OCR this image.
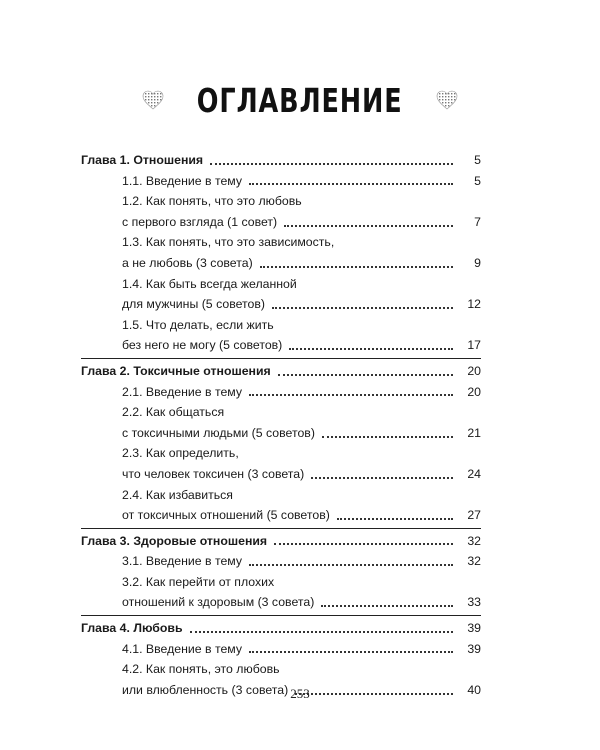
ОГЛАВЛЕНИЕ
Глава 1. Отношения	5
1.1. Введение в тему	5
1.2. Как понять, что это любовь
с первого взгляда (1 совет)	7
1.3. Как понять, что это зависимость,
а не любовь (3 совета)	9
1.4. Как быть всегда желанной
для мужчины (5 советов)	12
1.5. Что делать, если жить
без него не могу (5 советов)	17
Глава 2. Токсичные отношения	20
2.1. Введение в тему	20
2.2. Как общаться
с токсичными людьми (5 советов)	21
2.3. Как определить,
что человек токсичен (3 совета)	24
2.4. Как избавиться
от токсичных отношений (5 советов)	27
Глава 3. Здоровые отношения	32
3.1. Введение в тему	32
3.2. Как перейти от плохих
отношений к здоровым (3 совета)	33
Глава 4. Любовь	39
4.1. Введение в тему	39
4.2. Как понять, это любовь
или влюбленность (3 совета)	40
253
